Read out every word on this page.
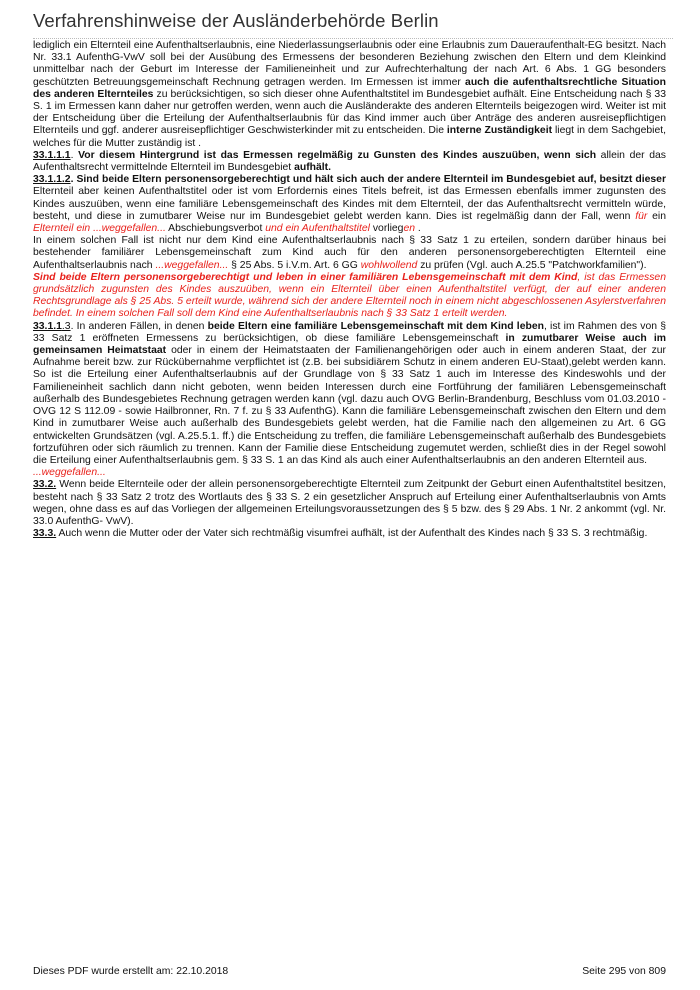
Verfahrenshinweise der Ausländerbehörde Berlin

lediglich ein Elternteil eine Aufenthaltserlaubnis, eine Niederlassungserlaubnis oder eine Erlaubnis zum Daueraufenthalt-EG besitzt. Nach Nr. 33.1 AufenthG-VwV soll bei der Ausübung des Ermessens der besonderen Beziehung zwischen den Eltern und dem Kleinkind unmittelbar nach der Geburt im Interesse der Familieneinheit und zur Aufrechterhaltung der nach Art. 6 Abs. 1 GG besonders geschützten Betreuungsgemeinschaft Rechnung getragen werden. Im Ermessen ist immer auch die aufenthaltsrechtliche Situation des anderen Elternteiles zu berücksichtigen, so sich dieser ohne Aufenthaltstitel im Bundesgebiet aufhält. Eine Entscheidung nach § 33 S. 1 im Ermessen kann daher nur getroffen werden, wenn auch die Ausländerakte des anderen Elternteils beigezogen wird. Weiter ist mit der Entscheidung über die Erteilung der Aufenthaltserlaubnis für das Kind immer auch über Anträge des anderen ausreisepflichtigen Elternteils und ggf. anderer ausreisepflichtiger Geschwisterkinder mit zu entscheiden. Die interne Zuständigkeit liegt in dem Sachgebiet, welches für die Mutter zuständig ist .

33.1.1.1. Vor diesem Hintergrund ist das Ermessen regelmäßig zu Gunsten des Kindes auszuüben, wenn sich allein der das Aufenthaltsrecht vermittelnde Elternteil im Bundesgebiet aufhält.

33.1.1.2. Sind beide Eltern personensorgeberechtigt und hält sich auch der andere Elternteil im Bundesgebiet auf, besitzt dieser Elternteil aber keinen Aufenthaltstitel oder ist vom Erfordernis eines Titels befreit, ist das Ermessen ebenfalls immer zugunsten des Kindes auszuüben, wenn eine familiäre Lebensgemeinschaft des Kindes mit dem Elternteil, der das Aufenthaltsrecht vermitteln würde, besteht, und diese in zumutbarer Weise nur im Bundesgebiet gelebt werden kann. Dies ist regelmäßig dann der Fall, wenn für ein Elternteil ein ...weggefallen... Abschiebungsverbot und ein Aufenthaltstitel vorliegen .

In einem solchen Fall ist nicht nur dem Kind eine Aufenthaltserlaubnis nach § 33 Satz 1 zu erteilen, sondern darüber hinaus bei bestehender familiärer Lebensgemeinschaft zum Kind auch für den anderen personensorgeberechtigten Elternteil eine Aufenthaltserlaubnis nach ...weggefallen... § 25 Abs. 5 i.V.m. Art. 6 GG wohlwollend zu prüfen (Vgl. auch A.25.5 "Patchworkfamilien").

Sind beide Eltern personensorgeberechtigt und leben in einer familiären Lebensgemeinschaft mit dem Kind, ist das Ermessen grundsätzlich zugunsten des Kindes auszuüben, wenn ein Elternteil über einen Aufenthaltstitel verfügt, der auf einer anderen Rechtsgrundlage als § 25 Abs. 5 erteilt wurde, während sich der andere Elternteil noch in einem nicht abgeschlossenen Asylerstverfahren befindet. In einem solchen Fall soll dem Kind eine Aufenthaltserlaubnis nach § 33 Satz 1 erteilt werden.

33.1.1.3. In anderen Fällen, in denen beide Eltern eine familiäre Lebensgemeinschaft mit dem Kind leben, ist im Rahmen des von § 33 Satz 1 eröffneten Ermessens zu berücksichtigen, ob diese familiäre Lebensgemeinschaft in zumutbarer Weise auch im gemeinsamen Heimatstaat oder in einem der Heimatstaaten der Familienangehörigen oder auch in einem anderen Staat, der zur Aufnahme bereit bzw. zur Rückübernahme verpflichtet ist (z.B. bei subsidiärem Schutz in einem anderen EU-Staat),gelebt werden kann. So ist die Erteilung einer Aufenthaltserlaubnis auf der Grundlage von § 33 Satz 1 auch im Interesse des Kindeswohls und der Familieneinheit sachlich dann nicht geboten, wenn beiden Interessen durch eine Fortführung der familiären Lebensgemeinschaft außerhalb des Bundesgebietes Rechnung getragen werden kann (vgl. dazu auch OVG Berlin-Brandenburg, Beschluss vom 01.03.2010 - OVG 12 S 112.09 - sowie Hailbronner, Rn. 7 f. zu § 33 AufenthG). Kann die familiäre Lebensgemeinschaft zwischen den Eltern und dem Kind in zumutbarer Weise auch außerhalb des Bundesgebiets gelebt werden, hat die Familie nach den allgemeinen zu Art. 6 GG entwickelten Grundsätzen (vgl. A.25.5.1. ff.) die Entscheidung zu treffen, die familiäre Lebensgemeinschaft außerhalb des Bundesgebiets fortzuführen oder sich räumlich zu trennen. Kann der Familie diese Entscheidung zugemutet werden, schließt dies in der Regel sowohl die Erteilung einer Aufenthaltserlaubnis gem. § 33 S. 1 an das Kind als auch einer Aufenthaltserlaubnis an den anderen Elternteil aus.

...weggefallen...

33.2. Wenn beide Elternteile oder der allein personensorgeberechtigte Elternteil zum Zeitpunkt der Geburt einen Aufenthaltstitel besitzen, besteht nach § 33 Satz 2 trotz des Wortlauts des § 33 S. 2 ein gesetzlicher Anspruch auf Erteilung einer Aufenthaltserlaubnis von Amts wegen, ohne dass es auf das Vorliegen der allgemeinen Erteilungsvoraussetzungen des § 5 bzw. des § 29 Abs. 1 Nr. 2 ankommt (vgl. Nr. 33.0 AufenthG- VwV).

33.3. Auch wenn die Mutter oder der Vater sich rechtmäßig visumfrei aufhält, ist der Aufenthalt des Kindes nach § 33 S. 3 rechtmäßig.

Dieses PDF wurde erstellt am: 22.10.2018	Seite 295 von 809
